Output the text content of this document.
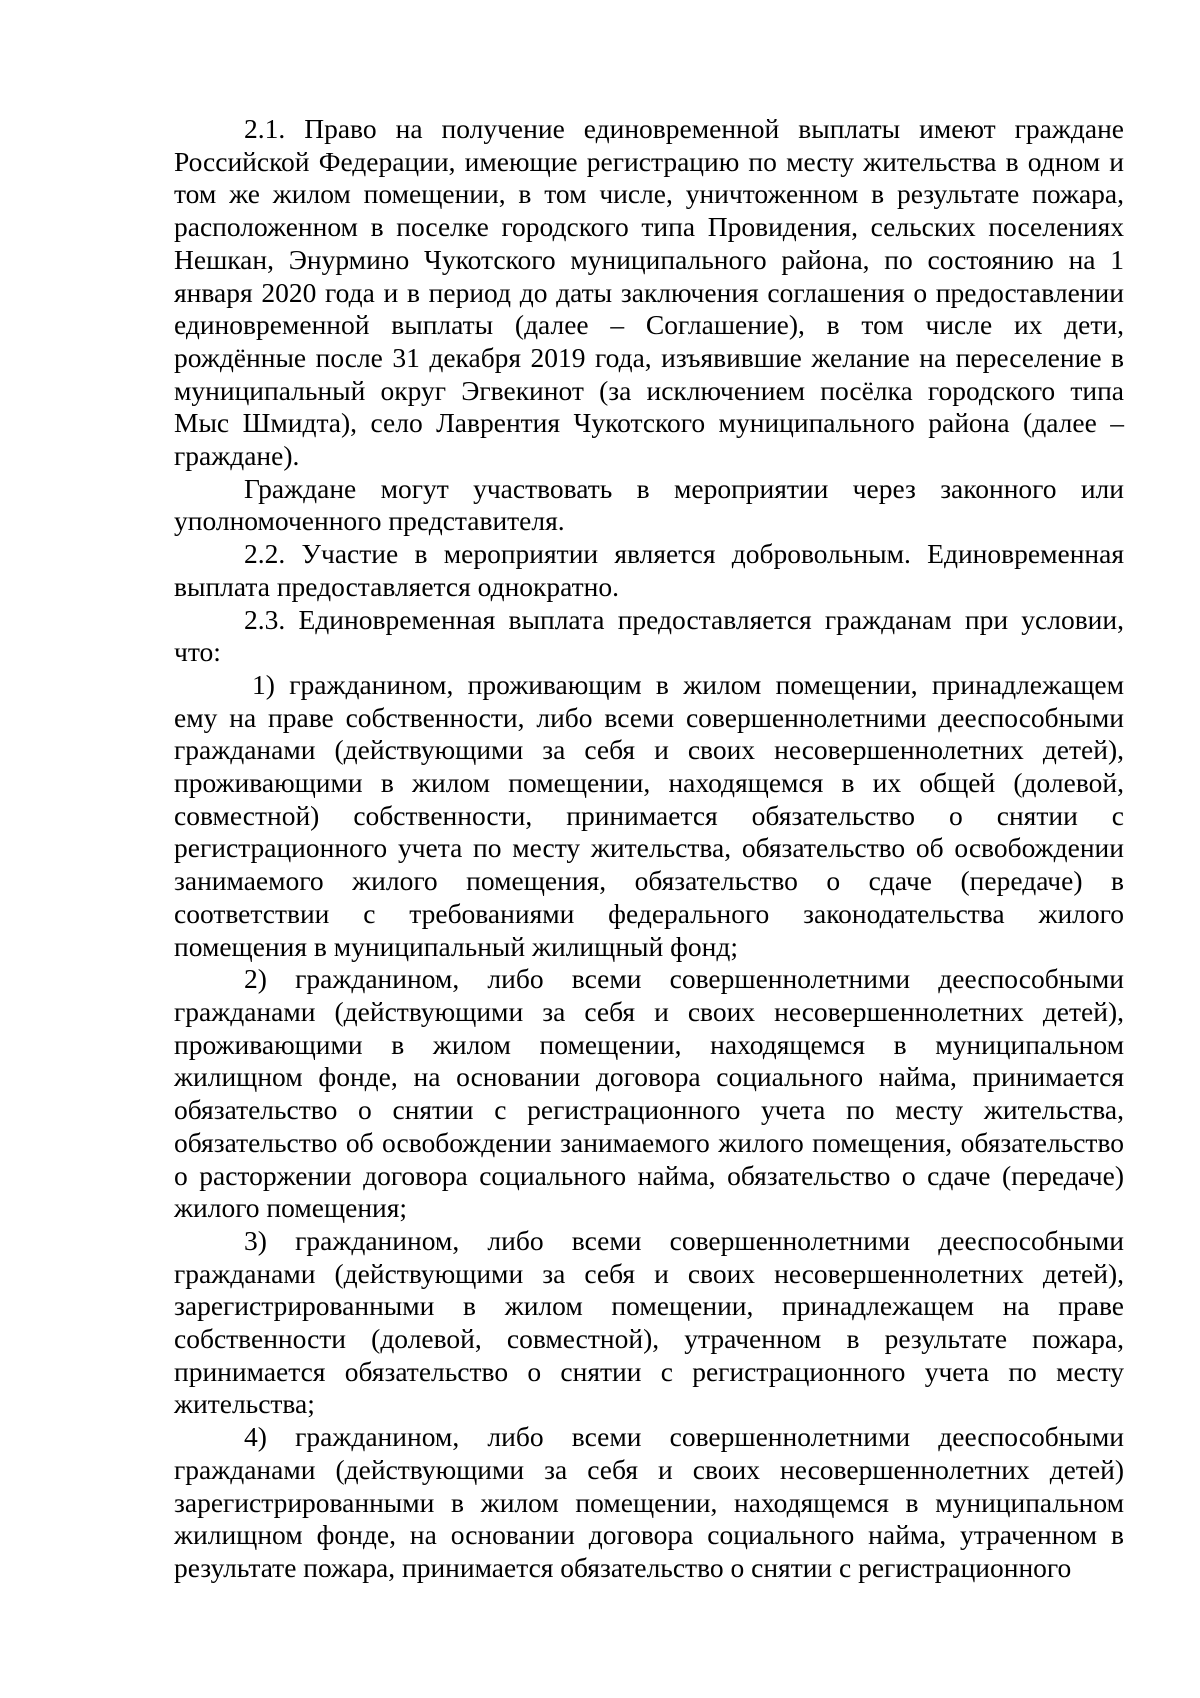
2.1. Право на получение единовременной выплаты имеют граждане Российской Федерации, имеющие регистрацию по месту жительства в одном и том же жилом помещении, в том числе, уничтоженном в результате пожара, расположенном в поселке городского типа Провидения, сельских поселениях Нешкан, Энурмино Чукотского муниципального района, по состоянию на 1 января 2020 года и в период до даты заключения соглашения о предоставлении единовременной выплаты (далее – Соглашение), в том числе их дети, рождённые после 31 декабря 2019 года, изъявившие желание на переселение в муниципальный округ Эгвекинот (за исключением посёлка городского типа Мыс Шмидта), село Лаврентия Чукотского муниципального района (далее – граждане).

Граждане могут участвовать в мероприятии через законного или уполномоченного представителя.

2.2. Участие в мероприятии является добровольным. Единовременная выплата предоставляется однократно.

2.3. Единовременная выплата предоставляется гражданам при условии, что:

1) гражданином, проживающим в жилом помещении, принадлежащем ему на праве собственности, либо всеми совершеннолетними дееспособными гражданами (действующими за себя и своих несовершеннолетних детей), проживающими в жилом помещении, находящемся в их общей (долевой, совместной) собственности, принимается обязательство о снятии с регистрационного учета по месту жительства, обязательство об освобождении занимаемого жилого помещения, обязательство о сдаче (передаче) в соответствии с требованиями федерального законодательства жилого помещения в муниципальный жилищный фонд;

2) гражданином, либо всеми совершеннолетними дееспособными гражданами (действующими за себя и своих несовершеннолетних детей), проживающими в жилом помещении, находящемся в муниципальном жилищном фонде, на основании договора социального найма, принимается обязательство о снятии с регистрационного учета по месту жительства, обязательство об освобождении занимаемого жилого помещения, обязательство о расторжении договора социального найма, обязательство о сдаче (передаче) жилого помещения;

3) гражданином, либо всеми совершеннолетними дееспособными гражданами (действующими за себя и своих несовершеннолетних детей), зарегистрированными в жилом помещении, принадлежащем на праве собственности (долевой, совместной), утраченном в результате пожара, принимается обязательство о снятии с регистрационного учета по месту жительства;

4) гражданином, либо всеми совершеннолетними дееспособными гражданами (действующими за себя и своих несовершеннолетних детей) зарегистрированными в жилом помещении, находящемся в муниципальном жилищном фонде, на основании договора социального найма, утраченном в результате пожара, принимается обязательство о снятии с регистрационного
